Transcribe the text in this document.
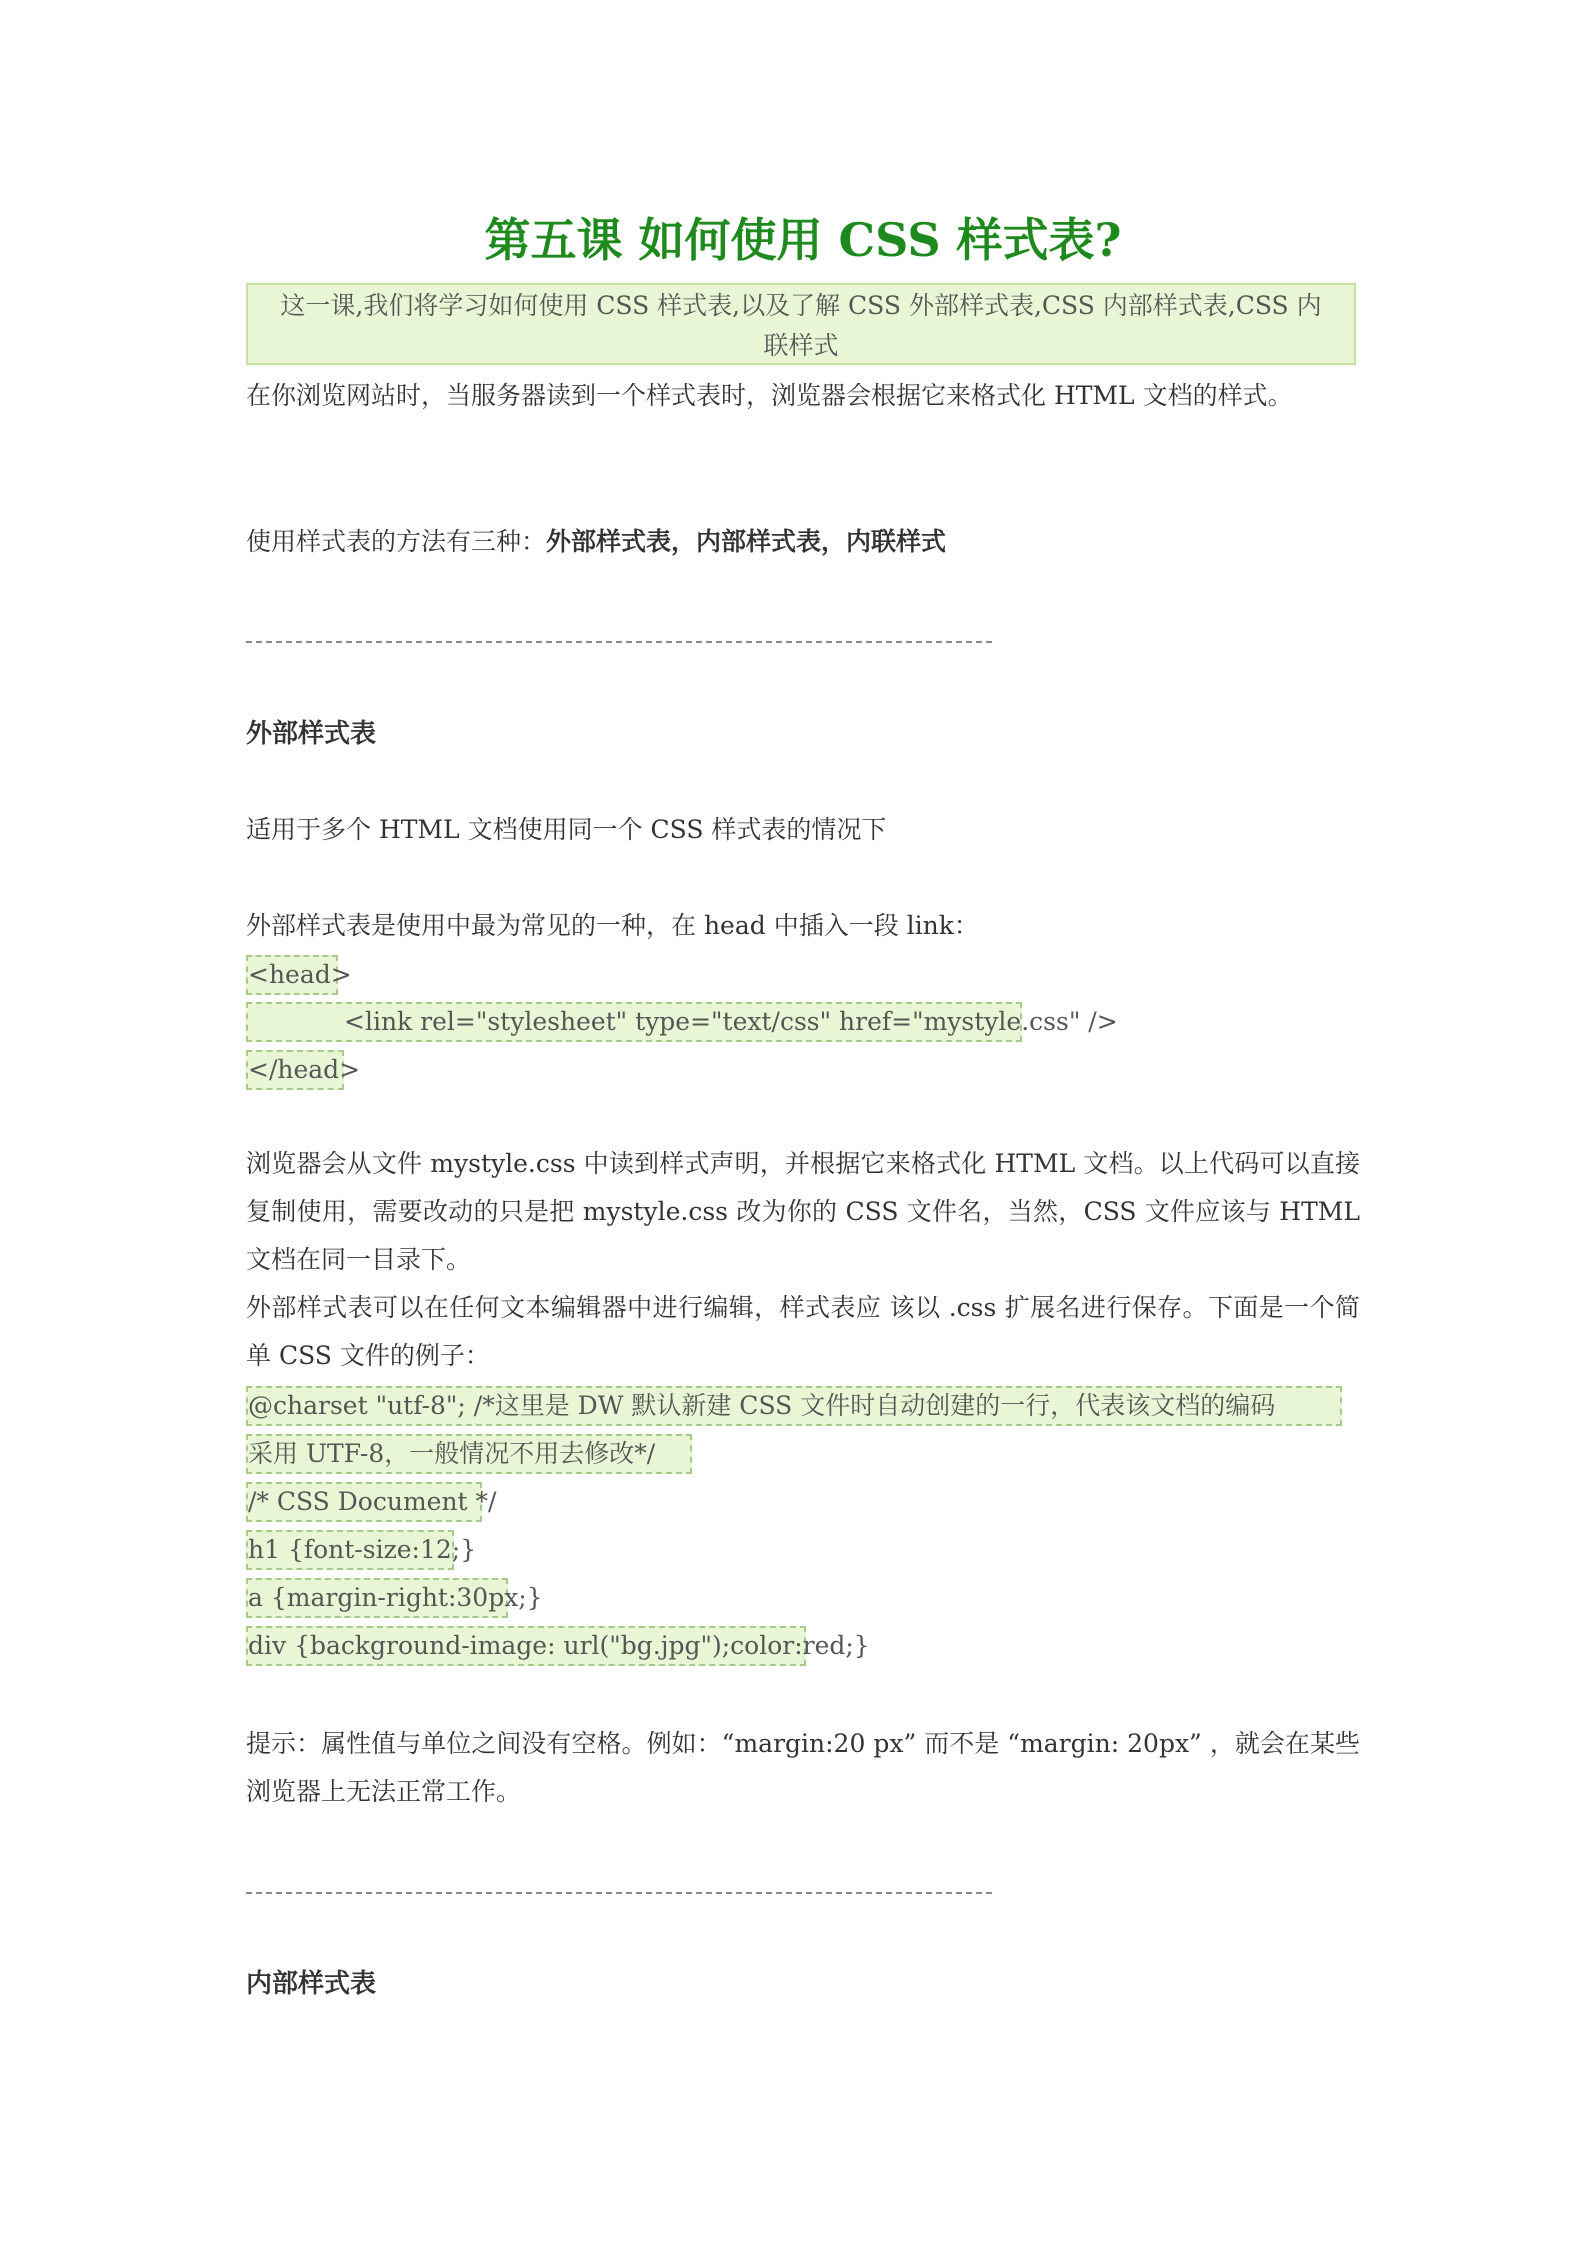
第五课 如何使用 CSS 样式表?
这一课,我们将学习如何使用 CSS 样式表,以及了解 CSS 外部样式表,CSS 内部样式表,CSS 内
联样式
在你浏览网站时，当服务器读到一个样式表时，浏览器会根据它来格式化 HTML 文档的样式。
使用样式表的方法有三种：外部样式表，内部样式表，内联样式
外部样式表
适用于多个 HTML 文档使用同一个 CSS 样式表的情况下
外部样式表是使用中最为常见的一种，在 head 中插入一段 link：
<head>
<link rel="stylesheet" type="text/css" href="mystyle.css" />
</head>
浏览器会从文件 mystyle.css 中读到样式声明，并根据它来格式化 HTML 文档。以上代码可以直接复制使用，需要改动的只是把 mystyle.css 改为你的 CSS 文件名，当然，CSS 文件应该与 HTML 文档在同一目录下。
外部样式表可以在任何文本编辑器中进行编辑，样式表应 该以 .css 扩展名进行保存。下面是一个简单 CSS 文件的例子：
@charset "utf-8"; /*这里是 DW 默认新建 CSS 文件时自动创建的一行，代表该文档的编码
采用 UTF-8，一般情况不用去修改*/
/* CSS Document */
h1 {font-size:12;}
a {margin-right:30px;}
div {background-image: url("bg.jpg");color:red;}
提示：属性值与单位之间没有空格。例如：“margin:20 px” 而不是 “margin: 20px” ，就会在某些浏览器上无法正常工作。
内部样式表
